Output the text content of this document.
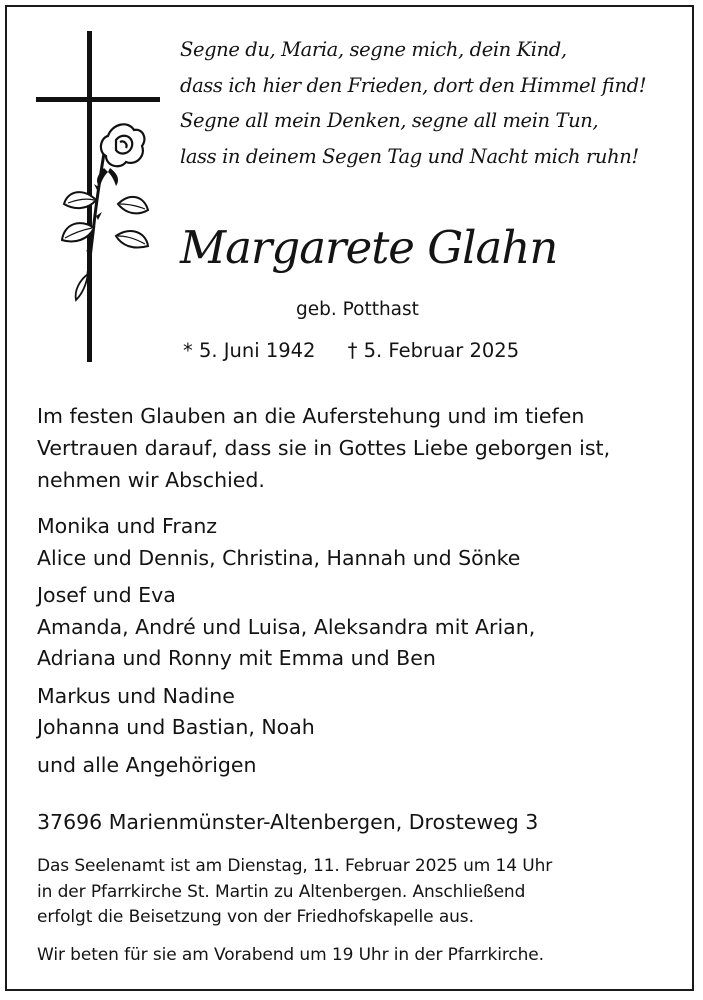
Segne du, Maria, segne mich, dein Kind,
dass ich hier den Frieden, dort den Himmel find!
Segne all mein Denken, segne all mein Tun,
lass in deinem Segen Tag und Nacht mich ruhn!
Margarete Glahn
geb. Potthast
* 5. Juni 1942 † 5. Februar 2025
Im festen Glauben an die Auferstehung und im tiefen
Vertrauen darauf, dass sie in Gottes Liebe geborgen ist,
nehmen wir Abschied.
Monika und Franz
Alice und Dennis, Christina, Hannah und Sönke
Josef und Eva
Amanda, André und Luisa, Aleksandra mit Arian,
Adriana und Ronny mit Emma und Ben
Markus und Nadine
Johanna und Bastian, Noah
und alle Angehörigen
37696 Marienmünster-Altenbergen, Drosteweg 3
Das Seelenamt ist am Dienstag, 11. Februar 2025 um 14 Uhr
in der Pfarrkirche St. Martin zu Altenbergen. Anschließend
erfolgt die Beisetzung von der Friedhofskapelle aus.
Wir beten für sie am Vorabend um 19 Uhr in der Pfarrkirche.
